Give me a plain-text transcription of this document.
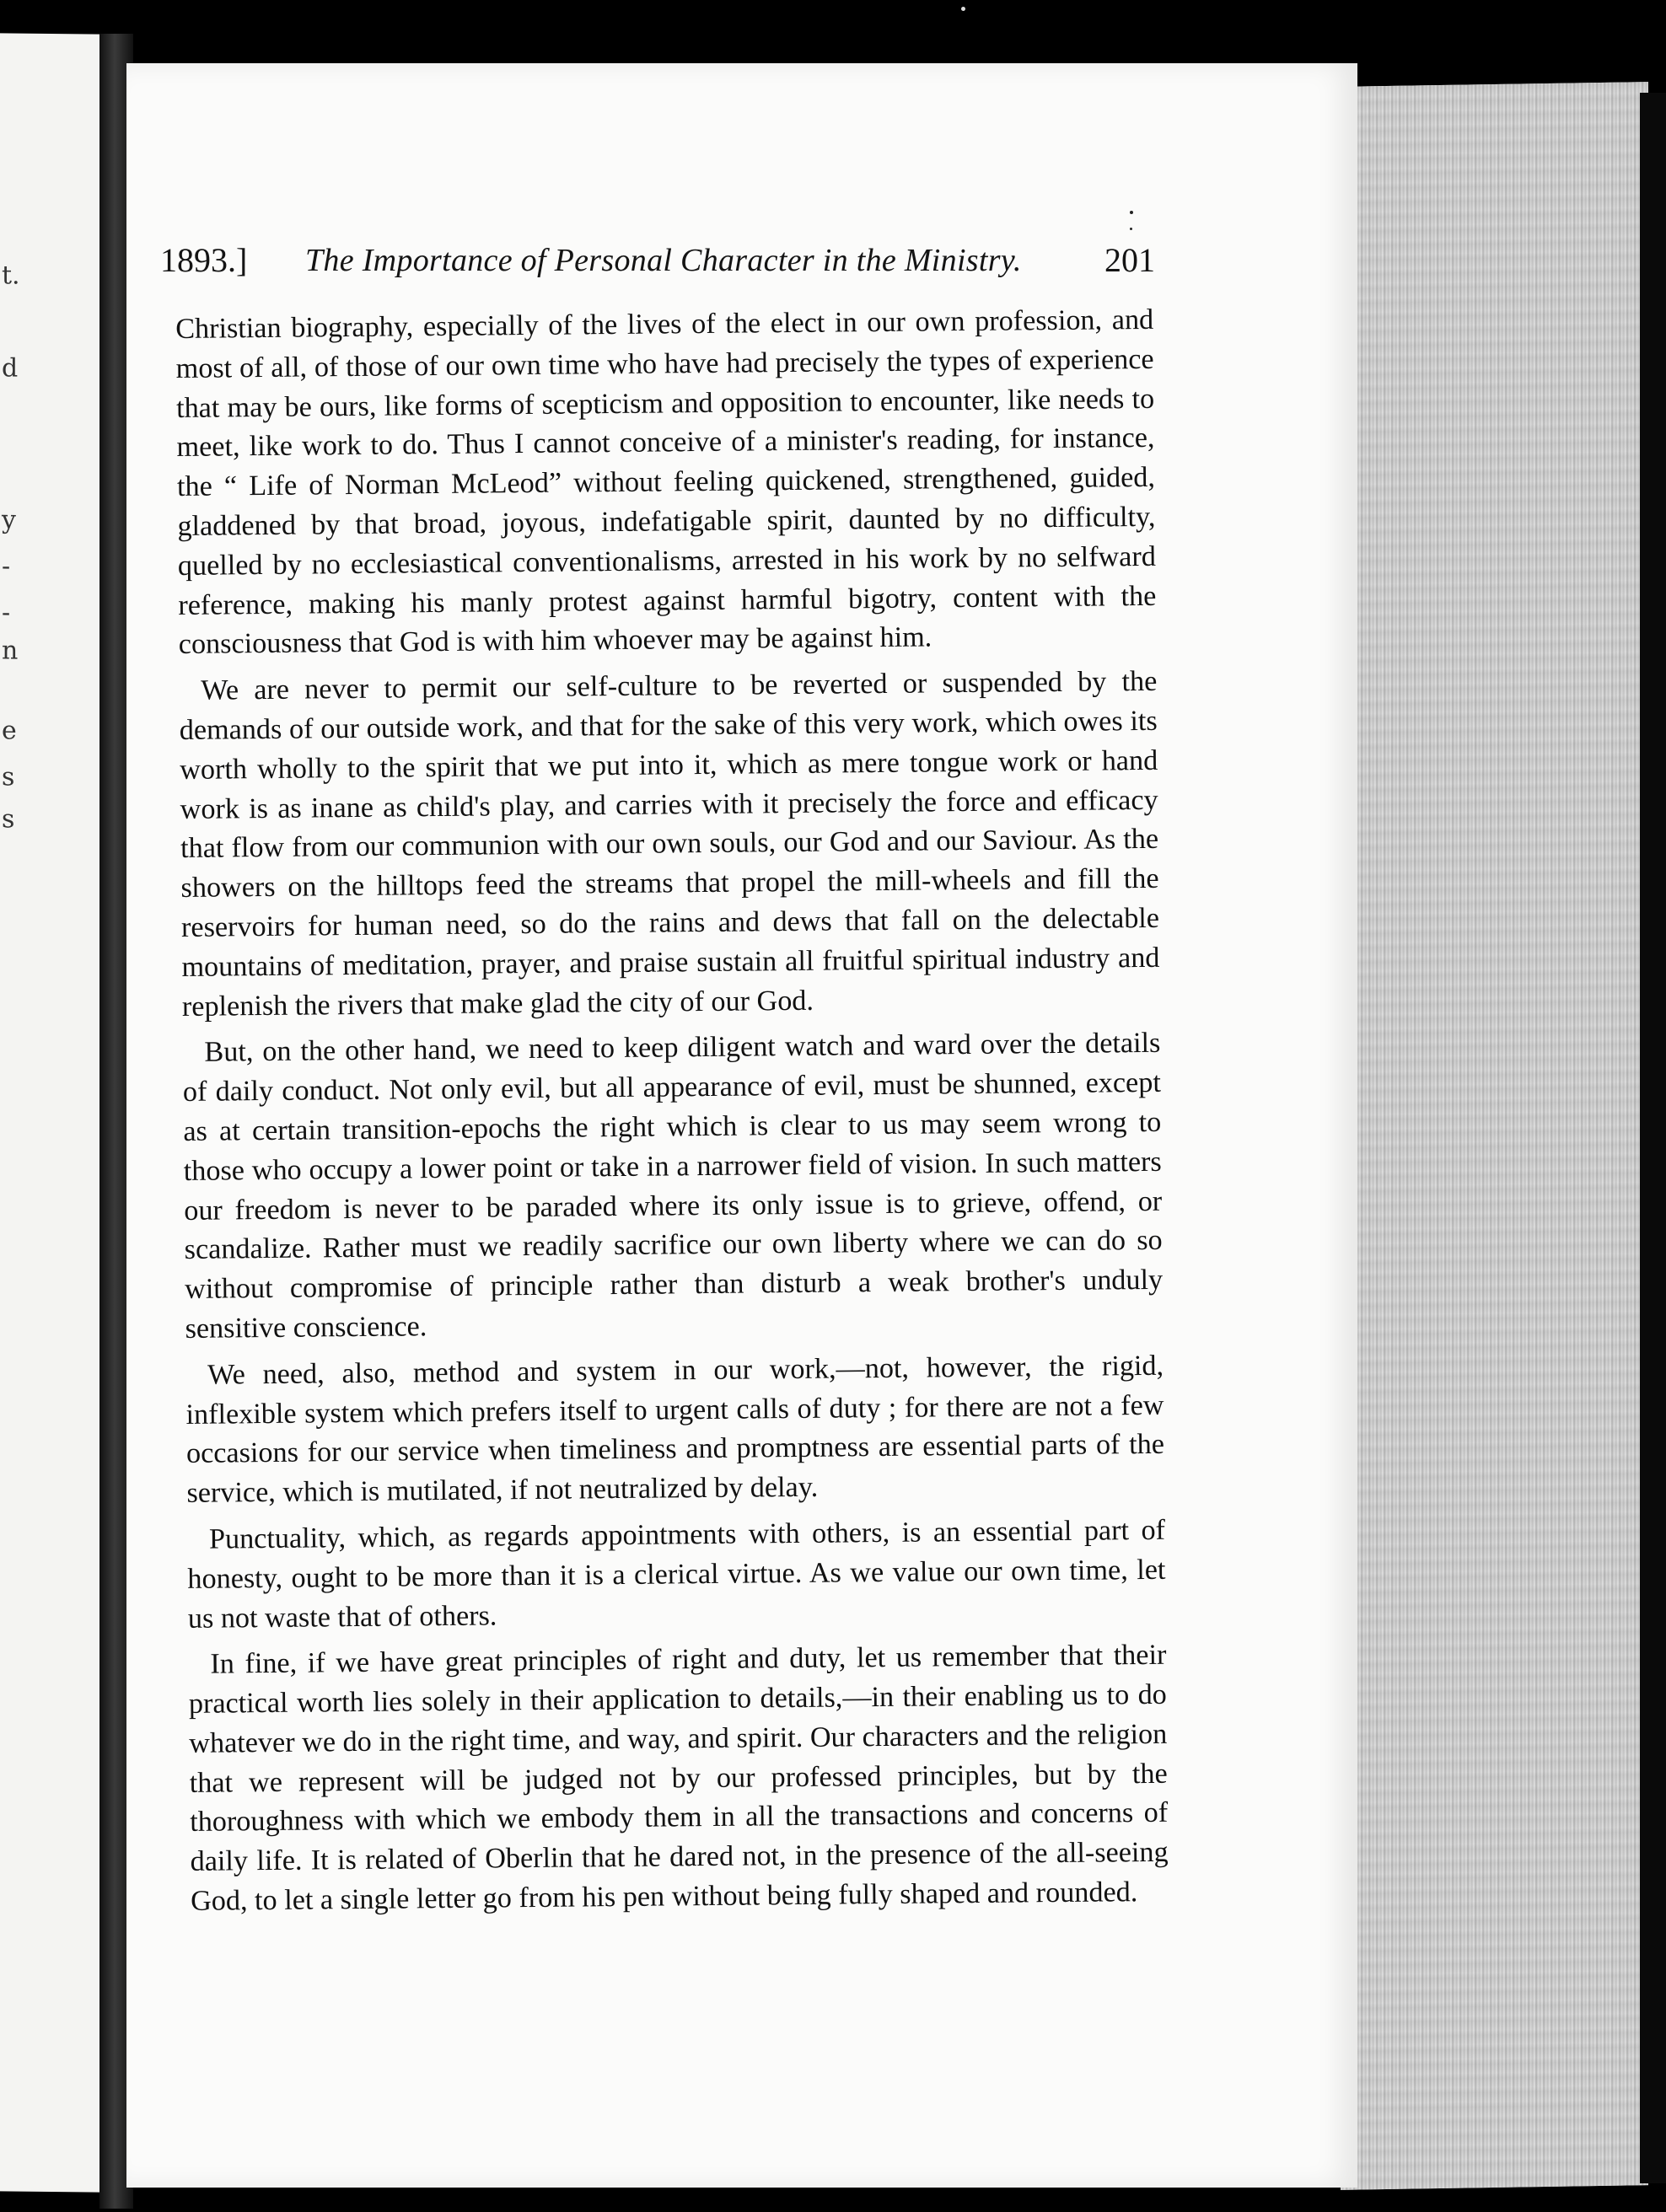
t.
d
y
-
-
n
e
s
s
1893.] The Importance of Personal Character in the Ministry. 201

Christian biography, especially of the lives of the elect in our own profession, and most of all, of those of our own time who have had precisely the types of experience that may be ours, like forms of scepticism and opposition to encounter, like needs to meet, like work to do. Thus I cannot conceive of a minister's reading, for instance, the “ Life of Norman McLeod” without feeling quickened, strengthened, guided, gladdened by that broad, joyous, indefatigable spirit, daunted by no difficulty, quelled by no ecclesiastical conventionalisms, arrested in his work by no selfward reference, making his manly protest against harmful bigotry, content with the consciousness that God is with him whoever may be against him.

We are never to permit our self-culture to be reverted or suspended by the demands of our outside work, and that for the sake of this very work, which owes its worth wholly to the spirit that we put into it, which as mere tongue work or hand work is as inane as child's play, and carries with it precisely the force and efficacy that flow from our communion with our own souls, our God and our Saviour. As the showers on the hilltops feed the streams that propel the mill-wheels and fill the reservoirs for human need, so do the rains and dews that fall on the delectable mountains of meditation, prayer, and praise sustain all fruitful spiritual industry and replenish the rivers that make glad the city of our God.

But, on the other hand, we need to keep diligent watch and ward over the details of daily conduct. Not only evil, but all appearance of evil, must be shunned, except as at certain transition-epochs the right which is clear to us may seem wrong to those who occupy a lower point or take in a narrower field of vision. In such matters our freedom is never to be paraded where its only issue is to grieve, offend, or scandalize. Rather must we readily sacrifice our own liberty where we can do so without compromise of principle rather than disturb a weak brother's unduly sensitive conscience.

We need, also, method and system in our work,—not, however, the rigid, inflexible system which prefers itself to urgent calls of duty ; for there are not a few occasions for our service when timeliness and promptness are essential parts of the service, which is mutilated, if not neutralized by delay.

Punctuality, which, as regards appointments with others, is an essential part of honesty, ought to be more than it is a clerical virtue. As we value our own time, let us not waste that of others.

In fine, if we have great principles of right and duty, let us remember that their practical worth lies solely in their application to details,—in their enabling us to do whatever we do in the right time, and way, and spirit. Our characters and the religion that we represent will be judged not by our professed principles, but by the thoroughness with which we embody them in all the transactions and concerns of daily life. It is related of Oberlin that he dared not, in the presence of the all-seeing God, to let a single letter go from his pen without being fully shaped and rounded.
